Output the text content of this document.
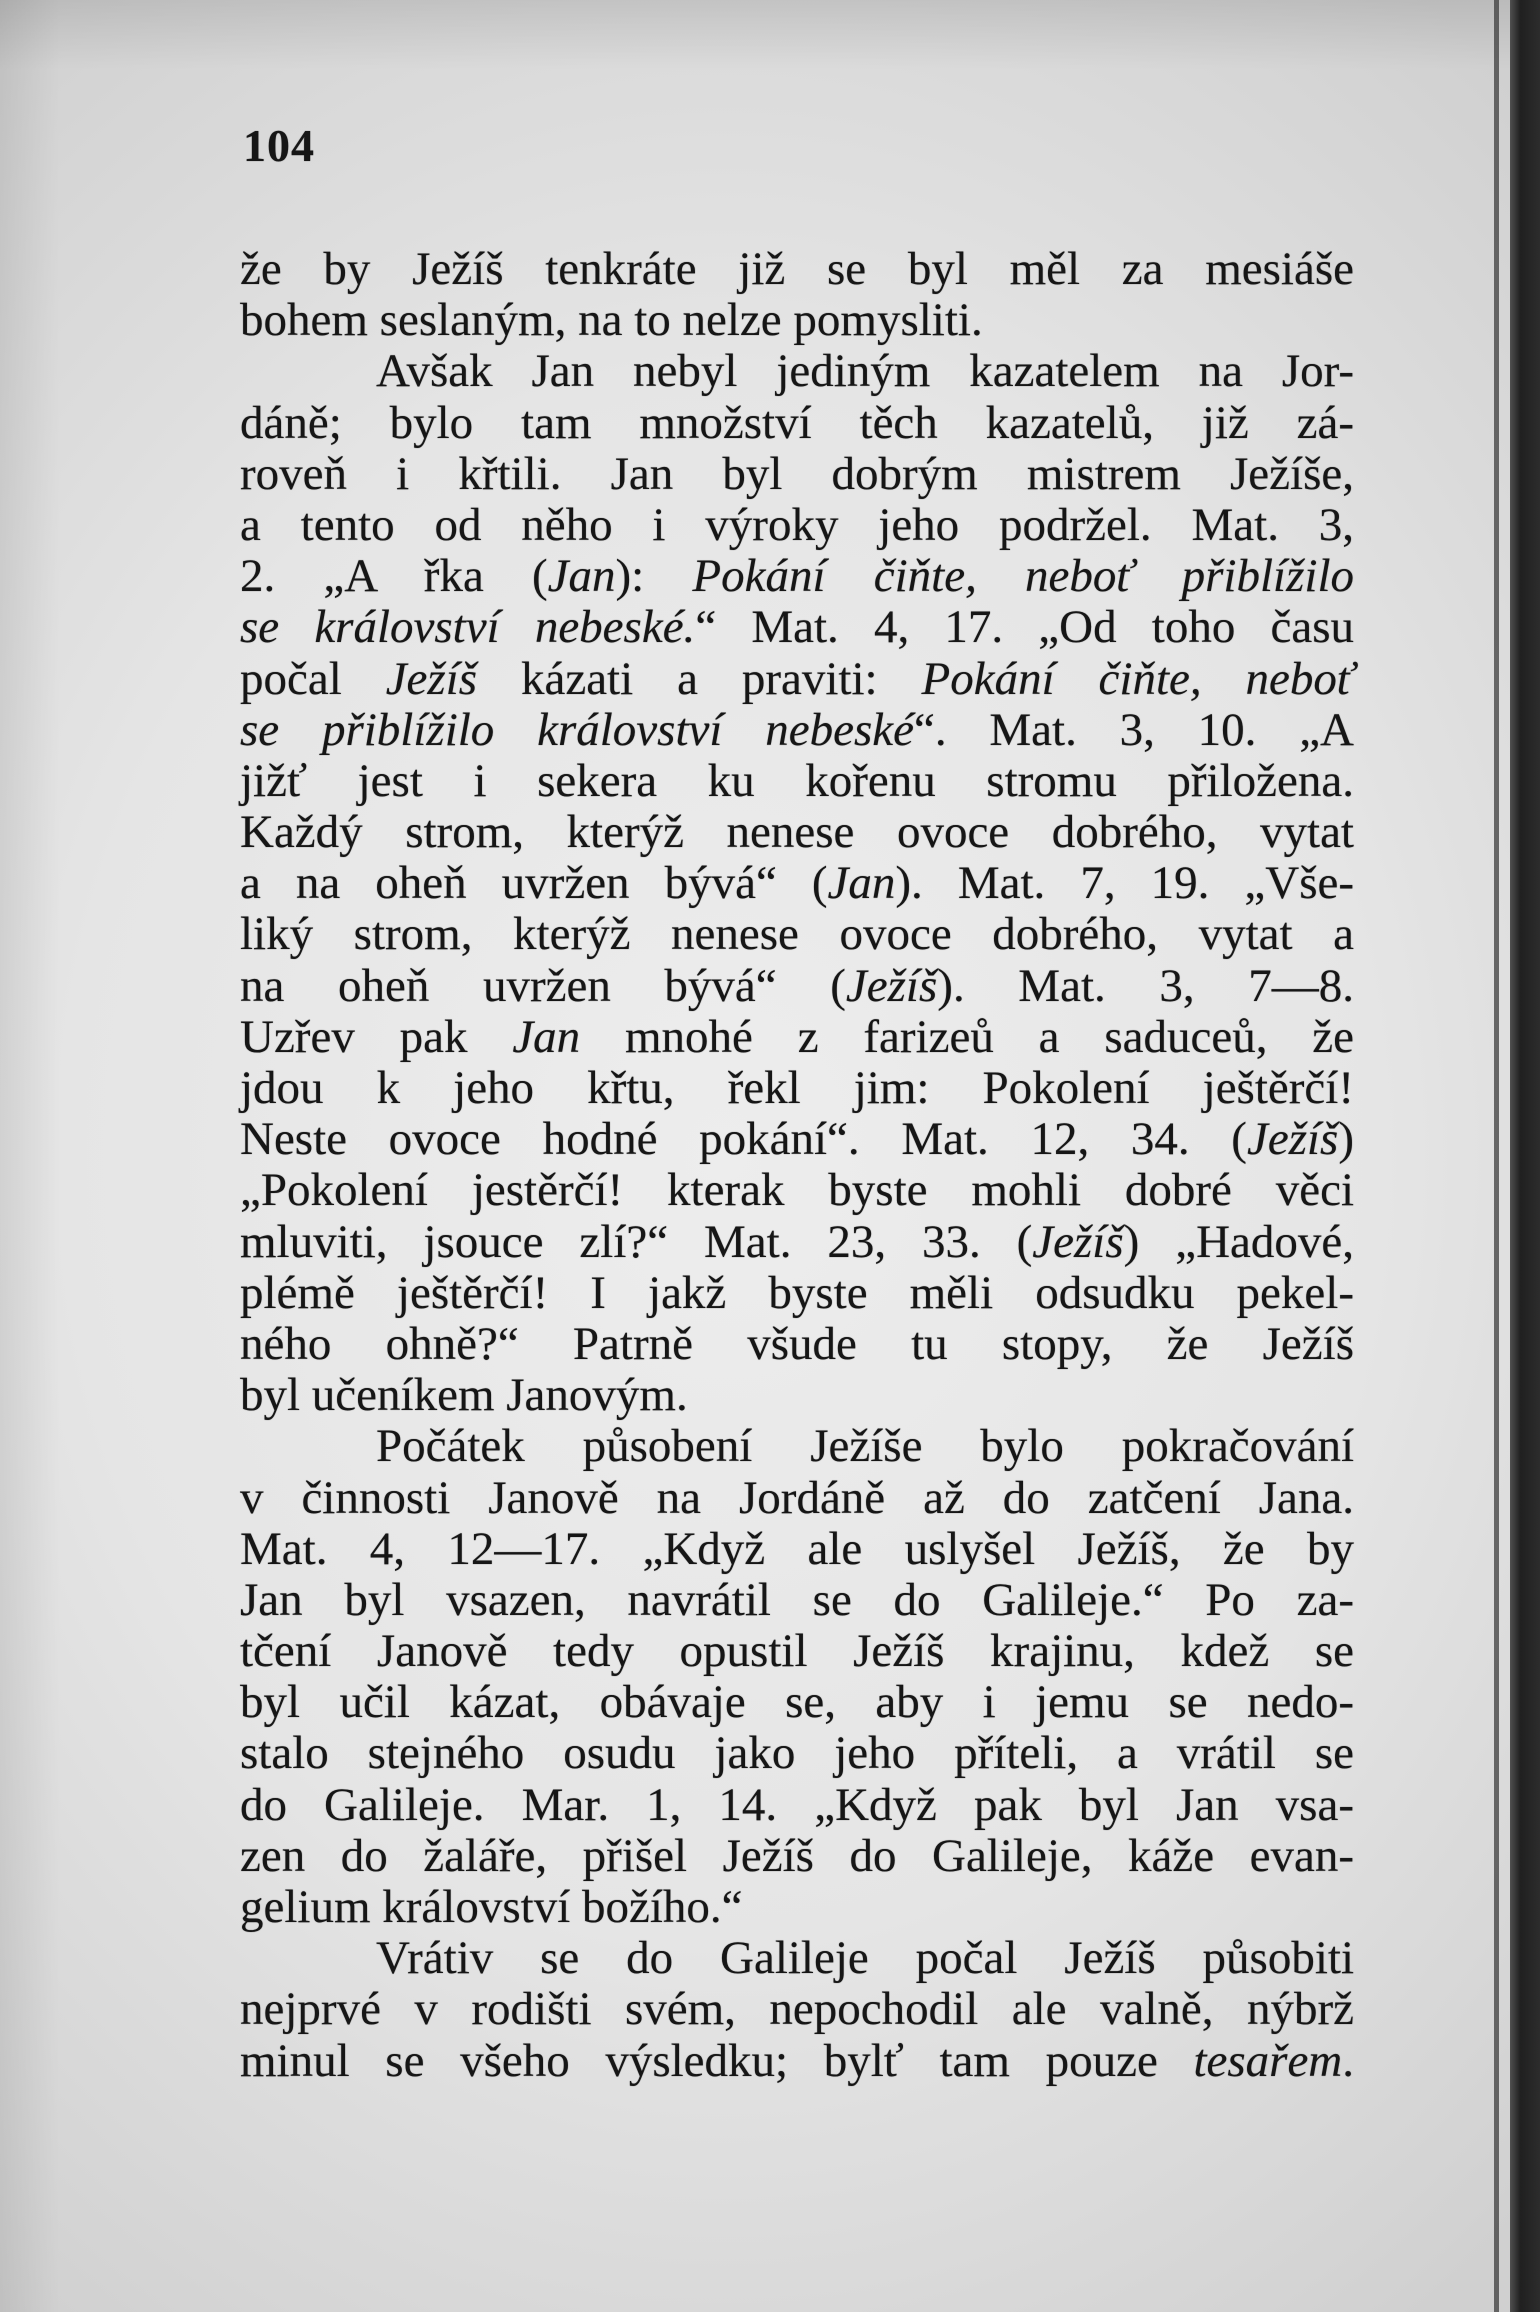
104
že by Ježíš tenkráte již se byl měl za mesiáše
bohem seslaným, na to nelze pomysliti.
Avšak Jan nebyl jediným kazatelem na Jor-
dáně; bylo tam množství těch kazatelů, již zá-
roveň i křtili. Jan byl dobrým mistrem Ježíše,
a tento od něho i výroky jeho podržel. Mat. 3,
2. „A řka (Jan): Pokání čiňte, neboť přiblížilo
se království nebeské.“ Mat. 4, 17. „Od toho času
počal Ježíš kázati a praviti: Pokání čiňte, neboť
se přiblížilo království nebeské“. Mat. 3, 10. „A
jižť jest i sekera ku kořenu stromu přiložena.
Každý strom, kterýž nenese ovoce dobrého, vytat
a na oheň uvržen bývá“ (Jan). Mat. 7, 19. „Vše-
liký strom, kterýž nenese ovoce dobrého, vytat a
na oheň uvržen bývá“ (Ježíš). Mat. 3, 7—8.
Uzřev pak Jan mnohé z farizeů a saduceů, že
jdou k jeho křtu, řekl jim: Pokolení ještěrčí!
Neste ovoce hodné pokání“. Mat. 12, 34. (Ježíš)
„Pokolení jestěrčí! kterak byste mohli dobré věci
mluviti, jsouce zlí?“ Mat. 23, 33. (Ježíš) „Hadové,
plémě ještěrčí! I jakž byste měli odsudku pekel-
ného ohně?“ Patrně všude tu stopy, že Ježíš
byl učeníkem Janovým.
Počátek působení Ježíše bylo pokračování
v činnosti Janově na Jordáně až do zatčení Jana.
Mat. 4, 12—17. „Když ale uslyšel Ježíš, že by
Jan byl vsazen, navrátil se do Galileje.“ Po za-
tčení Janově tedy opustil Ježíš krajinu, kdež se
byl učil kázat, obávaje se, aby i jemu se nedo-
stalo stejného osudu jako jeho příteli, a vrátil se
do Galileje. Mar. 1, 14. „Když pak byl Jan vsa-
zen do žaláře, přišel Ježíš do Galileje, káže evan-
gelium království božího.“
Vrátiv se do Galileje počal Ježíš působiti
nejprvé v rodišti svém, nepochodil ale valně, nýbrž
minul se všeho výsledku; bylť tam pouze tesařem.
